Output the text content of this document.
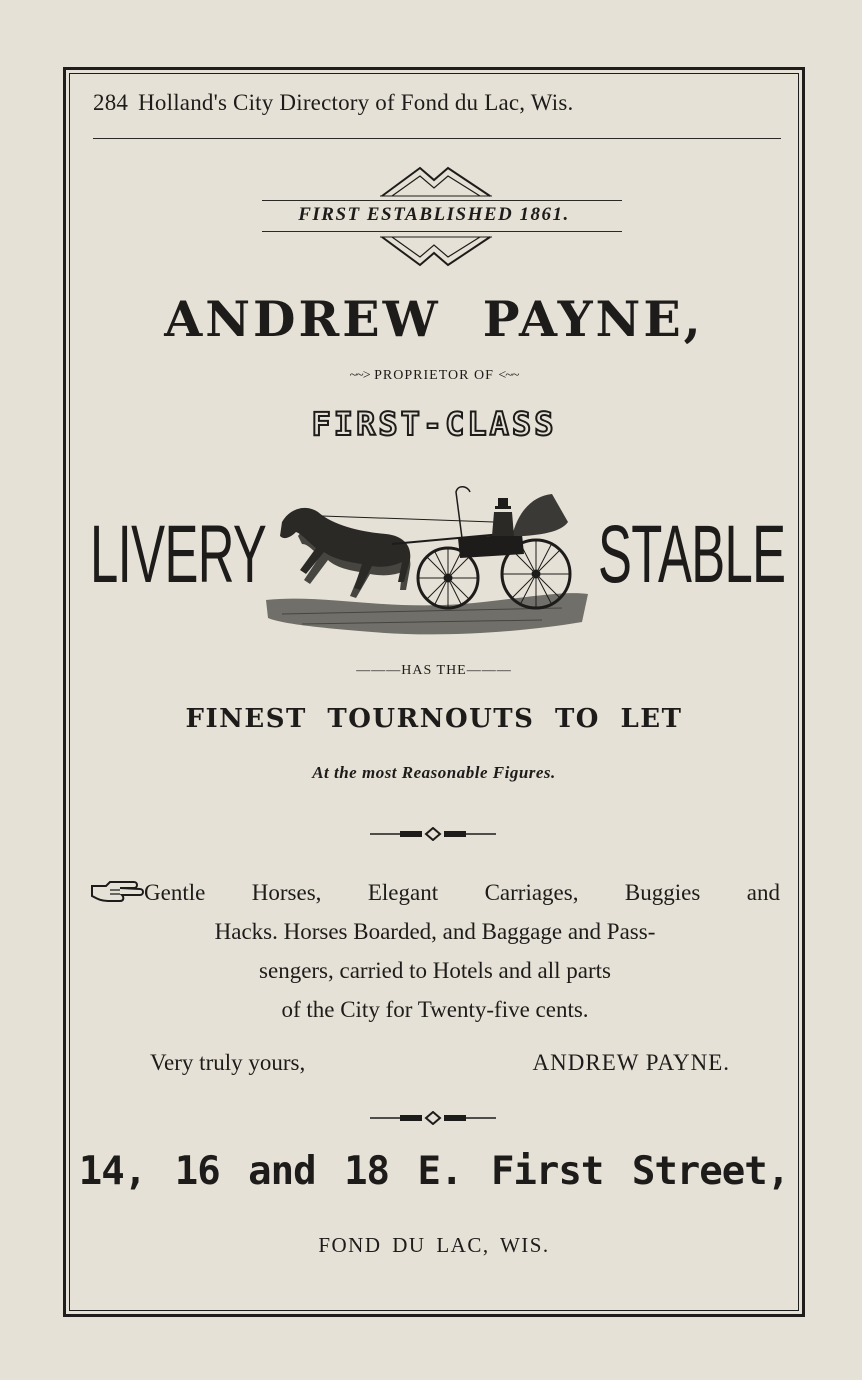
284 Holland's City Directory of Fond du Lac, Wis.
FIRST ESTABLISHED 1861.
ANDREW PAYNE,
~~> PROPRIETOR OF <~~
FIRST-CLASS
LIVERY	STABLE
———HAS THE———
FINEST TOURNOUTS TO LET
At the most Reasonable Figures.
Gentle Horses, Elegant Carriages, Buggies and
Hacks. Horses Boarded, and Baggage and Pass-
sengers, carried to Hotels and all parts
of the City for Twenty-five cents.
Very truly yours,	ANDREW PAYNE.
14, 16 and 18 E. First Street,
FOND DU LAC, WIS.
